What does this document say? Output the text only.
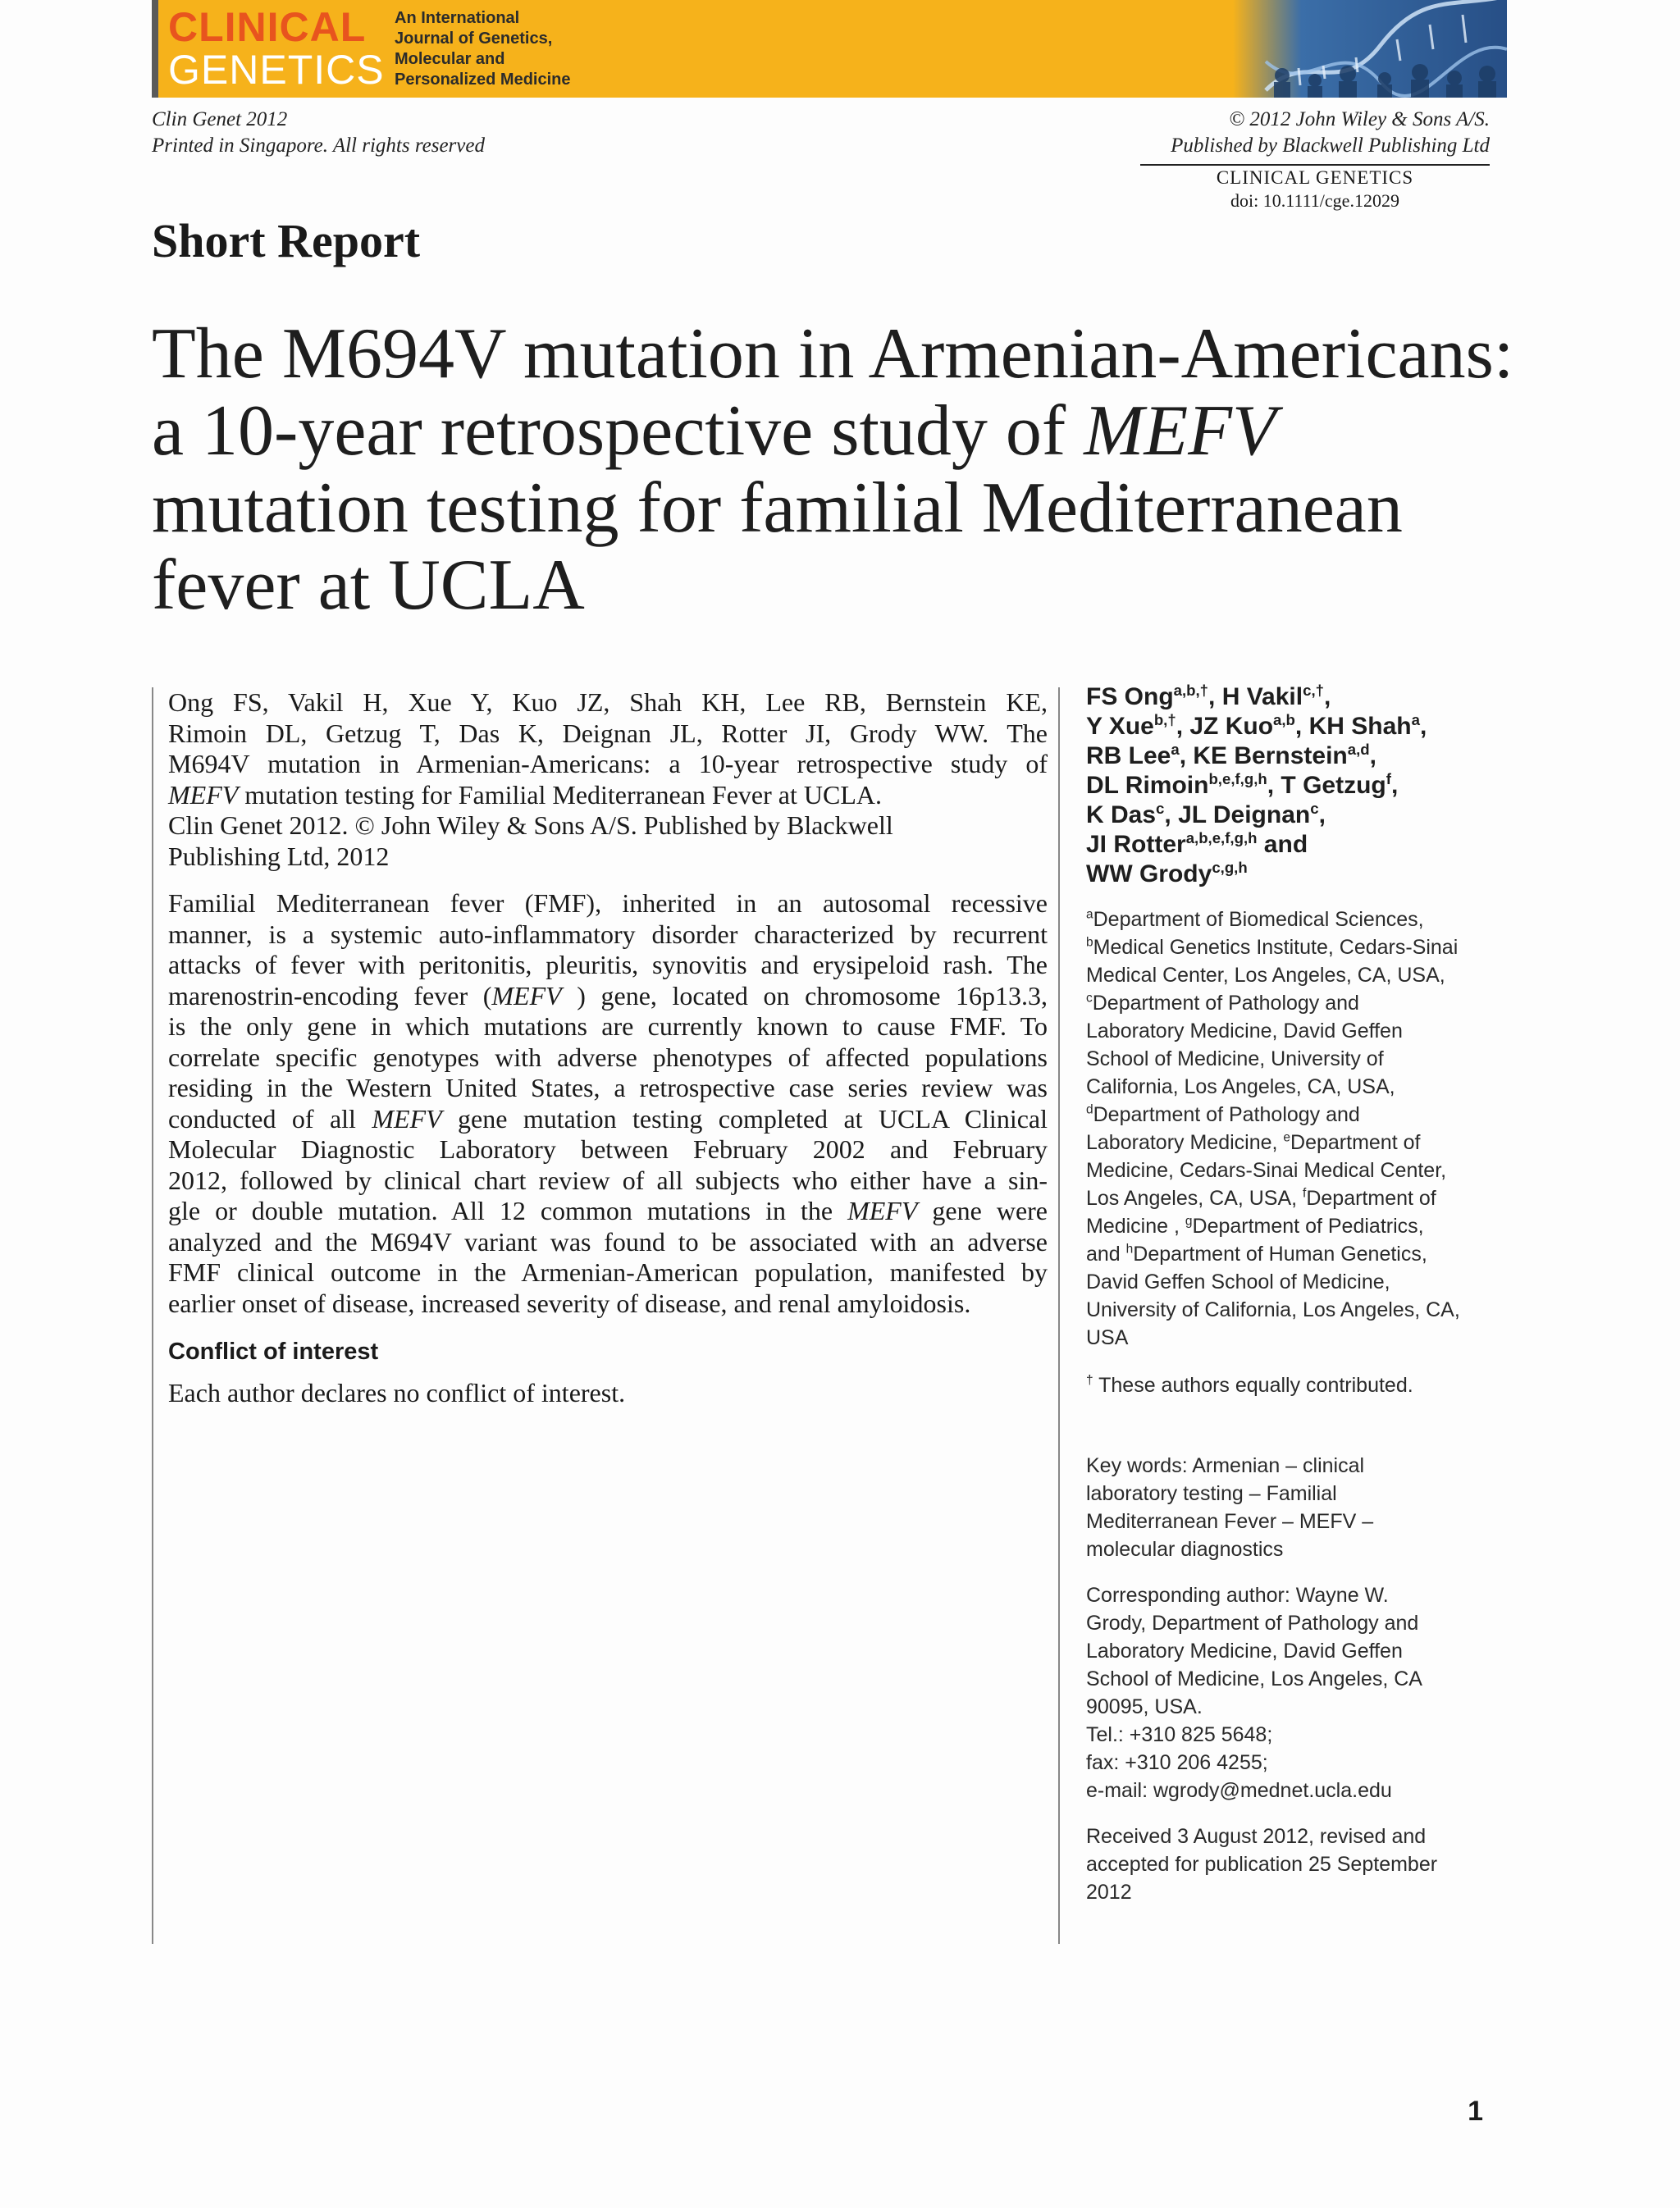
CLINICAL
GENETICS
An International
Journal of Genetics,
Molecular and
Personalized Medicine
Clin Genet 2012
Printed in Singapore. All rights reserved
© 2012 John Wiley & Sons A/S.
Published by Blackwell Publishing Ltd
CLINICAL GENETICS
doi: 10.1111/cge.12029
Short Report
The M694V mutation in Armenian-Americans:
a 10-year retrospective study of MEFV
mutation testing for familial Mediterranean
fever at UCLA
Ong FS, Vakil H, Xue Y, Kuo JZ, Shah KH, Lee RB, Bernstein KE,
Rimoin DL, Getzug T, Das K, Deignan JL, Rotter JI, Grody WW. The
M694V mutation in Armenian-Americans: a 10-year retrospective study of
MEFV mutation testing for Familial Mediterranean Fever at UCLA.
Clin Genet 2012. © John Wiley & Sons A/S. Published by Blackwell
Publishing Ltd, 2012
Familial Mediterranean fever (FMF), inherited in an autosomal recessive
manner, is a systemic auto-inflammatory disorder characterized by recurrent
attacks of fever with peritonitis, pleuritis, synovitis and erysipeloid rash. The
marenostrin-encoding fever (MEFV ) gene, located on chromosome 16p13.3,
is the only gene in which mutations are currently known to cause FMF. To
correlate specific genotypes with adverse phenotypes of affected populations
residing in the Western United States, a retrospective case series review was
conducted of all MEFV gene mutation testing completed at UCLA Clinical
Molecular Diagnostic Laboratory between February 2002 and February
2012, followed by clinical chart review of all subjects who either have a sin-
gle or double mutation. All 12 common mutations in the MEFV gene were
analyzed and the M694V variant was found to be associated with an adverse
FMF clinical outcome in the Armenian-American population, manifested by
earlier onset of disease, increased severity of disease, and renal amyloidosis.
Conflict of interest
Each author declares no conflict of interest.
FS Ong$^{a,b,\dagger}$, H Vakil$^{c,\dagger}$,
Y Xue$^{b,\dagger}$, JZ Kuo$^{a,b}$, KH Shah$^a$,
RB Lee$^a$, KE Bernstein$^{a,d}$,
DL Rimoin$^{b,e,f,g,h}$, T Getzug$^f$,
K Das$^c$, JL Deignan$^c$,
JI Rotter$^{a,b,e,f,g,h}$ and
WW Grody$^{c,g,h}$
$^a$Department of Biomedical Sciences,
$^b$Medical Genetics Institute, Cedars-Sinai
Medical Center, Los Angeles, CA, USA,
$^c$Department of Pathology and
Laboratory Medicine, David Geffen
School of Medicine, University of
California, Los Angeles, CA, USA,
$^d$Department of Pathology and
Laboratory Medicine, $^e$Department of
Medicine, Cedars-Sinai Medical Center,
Los Angeles, CA, USA, $^f$Department of
Medicine , $^g$Department of Pediatrics,
and $^h$Department of Human Genetics,
David Geffen School of Medicine,
University of California, Los Angeles, CA,
USA
† These authors equally contributed.
Key words: Armenian – clinical
laboratory testing – Familial
Mediterranean Fever – MEFV –
molecular diagnostics
Corresponding author: Wayne W.
Grody, Department of Pathology and
Laboratory Medicine, David Geffen
School of Medicine, Los Angeles, CA
90095, USA.
Tel.: +310 825 5648;
fax: +310 206 4255;
e-mail: wgrody@mednet.ucla.edu
Received 3 August 2012, revised and
accepted for publication 25 September
2012
1
